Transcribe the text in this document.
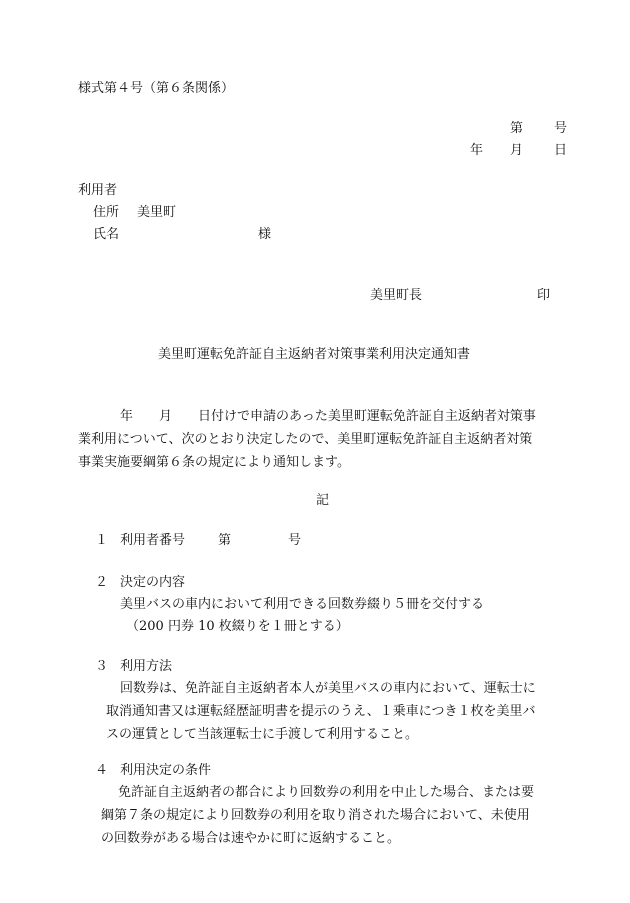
様式第４号（第６条関係）
第 号
年 月 日
利用者
住所 美里町
氏名	様
美里町長	印
美里町運転免許証自主返納者対策事業利用決定通知書
年　　月　　日付けで申請のあった美里町運転免許証自主返納者対策事
業利用について、次のとおり決定したので、美里町運転免許証自主返納者対策
事業実施要綱第６条の規定により通知します。
記
１ 利用者番号	第	号
２ 決定の内容
美里バスの車内において利用できる回数券綴り５冊を交付する
（200 円券 10 枚綴りを１冊とする）
３ 利用方法
回数券は、免許証自主返納者本人が美里バスの車内において、運転士に
取消通知書又は運転経歴証明書を提示のうえ、１乗車につき１枚を美里バ
スの運賃として当該運転士に手渡して利用すること。
４ 利用決定の条件
免許証自主返納者の都合により回数券の利用を中止した場合、または要
綱第７条の規定により回数券の利用を取り消された場合において、未使用
の回数券がある場合は速やかに町に返納すること。
